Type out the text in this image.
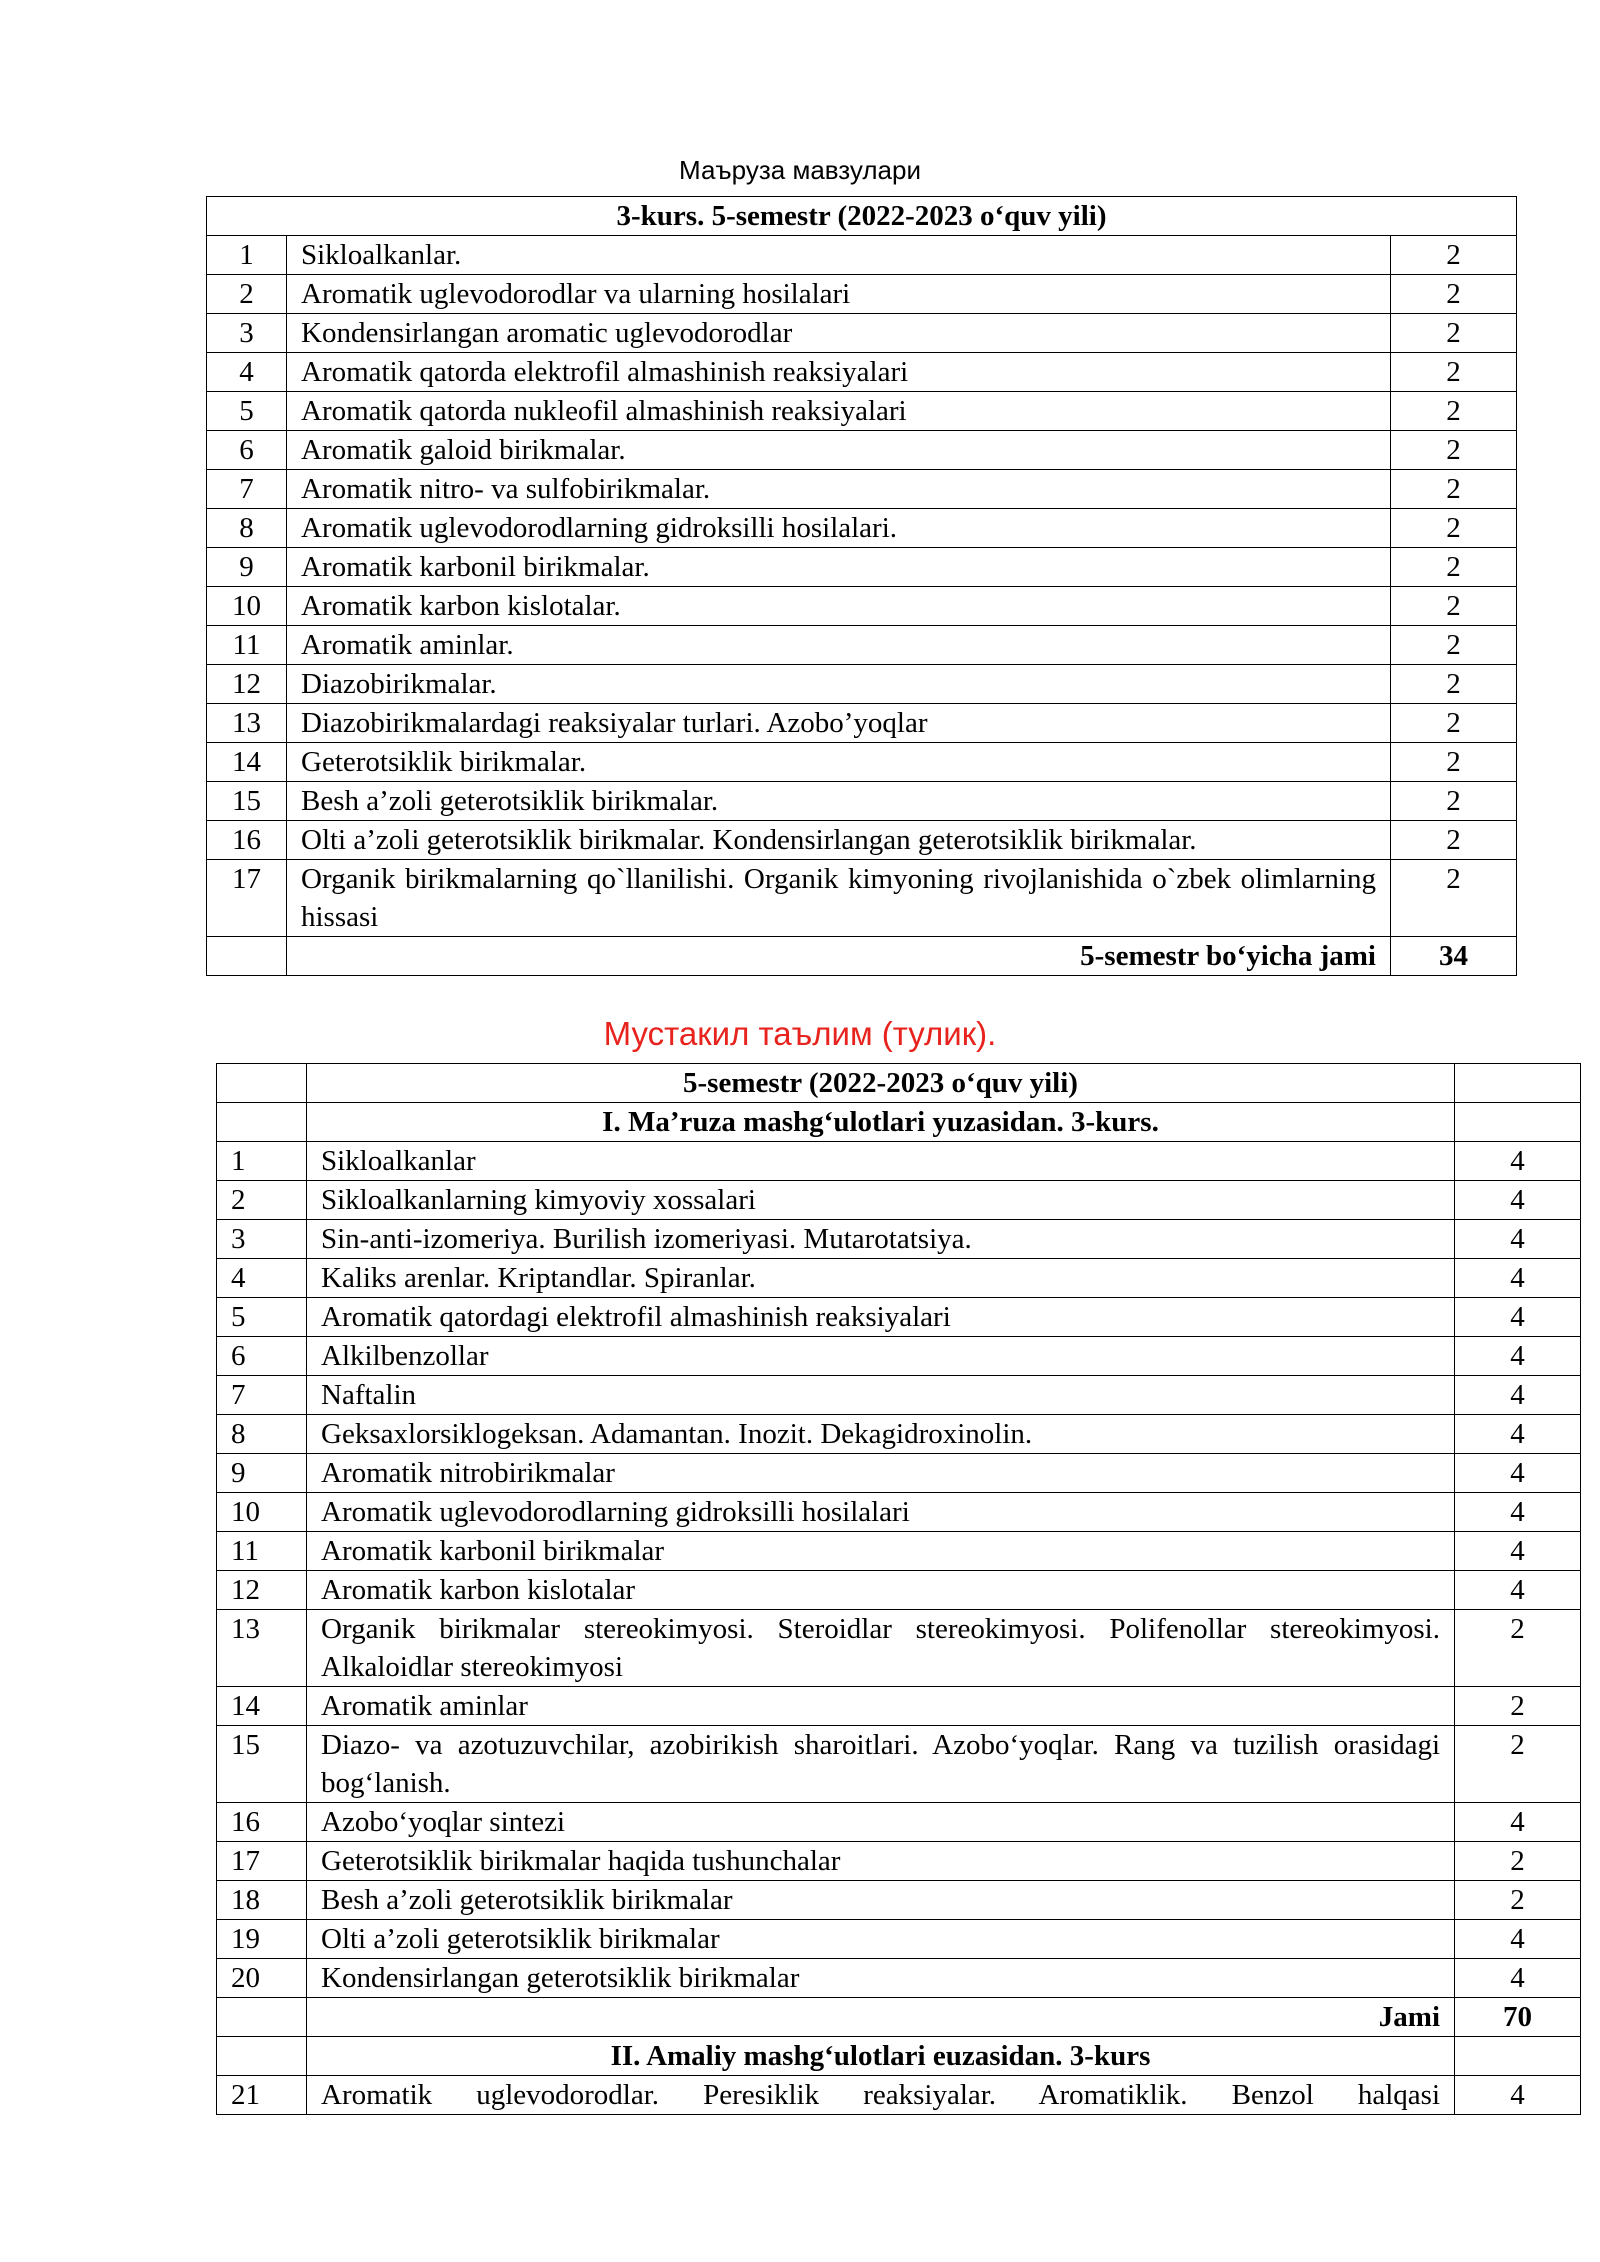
Маъруза мавзулари
3-kurs. 5-semestr (2022-2023 o‘quv yili)		
1	Sikloalkanlar.	2
2	Aromatik uglevodorodlar va ularning hosilalari	2
3	Kondensirlangan aromatic uglevodorodlar	2
4	Aromatik qatorda elektrofil almashinish reaksiyalari	2
5	Aromatik qatorda nukleofil almashinish reaksiyalari	2
6	Aromatik galoid birikmalar.	2
7	Aromatik nitro- va sulfobirikmalar.	2
8	Aromatik uglevodorodlarning gidroksilli hosilalari.	2
9	Aromatik karbonil birikmalar.	2
10	Aromatik karbon kislotalar.	2
11	Aromatik aminlar.	2
12	Diazobirikmalar.	2
13	Diazobirikmalardagi reaksiyalar turlari. Azobo’yoqlar	2
14	Geterotsiklik birikmalar.	2
15	Besh a’zoli geterotsiklik birikmalar.	2
16	Olti a’zoli geterotsiklik birikmalar. Kondensirlangan geterotsiklik birikmalar.	2
17	Organik birikmalarning qo`llanilishi. Organik kimyoning rivojlanishida o`zbek olimlarning hissasi	2
	5-semestr bo‘yicha jami	34
Мустакил таълим (тулик).
	5-semestr (2022-2023 o‘quv yili)	
	I. Ma’ruza mashg‘ulotlari yuzasidan. 3-kurs.	
1	Sikloalkanlar	4
2	Sikloalkanlarning kimyoviy xossalari	4
3	Sin-anti-izomeriya. Burilish izomeriyasi. Mutarotatsiya.	4
4	Kaliks arenlar. Kriptandlar. Spiranlar.	4
5	Aromatik qatordagi elektrofil almashinish reaksiyalari	4
6	Alkilbenzollar	4
7	Naftalin	4
8	Geksaxlorsiklogeksan. Adamantan. Inozit. Dekagidroxinolin.	4
9	Aromatik nitrobirikmalar	4
10	Aromatik uglevodorodlarning gidroksilli hosilalari	4
11	Aromatik karbonil birikmalar	4
12	Aromatik karbon kislotalar	4
13	Organik birikmalar stereokimyosi. Steroidlar stereokimyosi. Polifenollar stereokimyosi. Alkaloidlar stereokimyosi	2
14	Aromatik aminlar	2
15	Diazo- va azotuzuvchilar, azobirikish sharoitlari. Azobo‘yoqlar. Rang va tuzilish orasidagi bog‘lanish.	2
16	Azobo‘yoqlar sintezi	4
17	Geterotsiklik birikmalar haqida tushunchalar	2
18	Besh a’zoli geterotsiklik birikmalar	2
19	Olti a’zoli geterotsiklik birikmalar	4
20	Kondensirlangan geterotsiklik birikmalar	4
	Jami	70
	II. Amaliy mashg‘ulotlari euzasidan. 3-kurs	
21	Aromatik uglevodorodlar. Peresiklik reaksiyalar. Aromatiklik. Benzol halqasi	4
